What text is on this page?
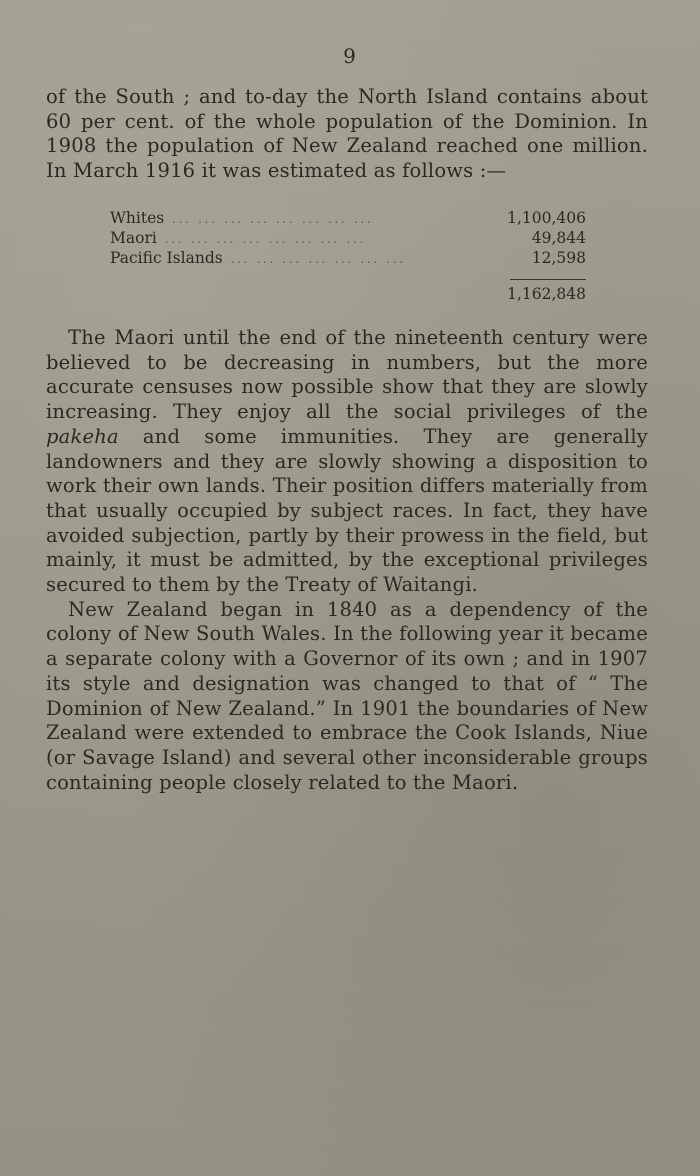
9

of the South ; and to-day the North Island contains about 60 per cent. of the whole population of the Dominion. In 1908 the population of New Zealand reached one million. In March 1916 it was estimated as follows :—

Whites ... ... ... ... ... ... ... ...	1,100,406
Maori ... ... ... ... ... ... ... ...	49,844
Pacific Islands ... ... ... ... ... ... ...	12,598
1,162,848

The Maori until the end of the nineteenth century were believed to be decreasing in numbers, but the more accurate censuses now possible show that they are slowly increasing. They enjoy all the social privileges of the pakeha and some immunities. They are generally landowners and they are slowly showing a disposition to work their own lands. Their position differs materially from that usually occupied by subject races. In fact, they have avoided subjection, partly by their prowess in the field, but mainly, it must be admitted, by the exceptional privileges secured to them by the Treaty of Waitangi.

New Zealand began in 1840 as a dependency of the colony of New South Wales. In the following year it became a separate colony with a Governor of its own ; and in 1907 its style and designation was changed to that of “ The Dominion of New Zealand.” In 1901 the boundaries of New Zealand were extended to embrace the Cook Islands, Niue (or Savage Island) and several other inconsiderable groups containing people closely related to the Maori.
